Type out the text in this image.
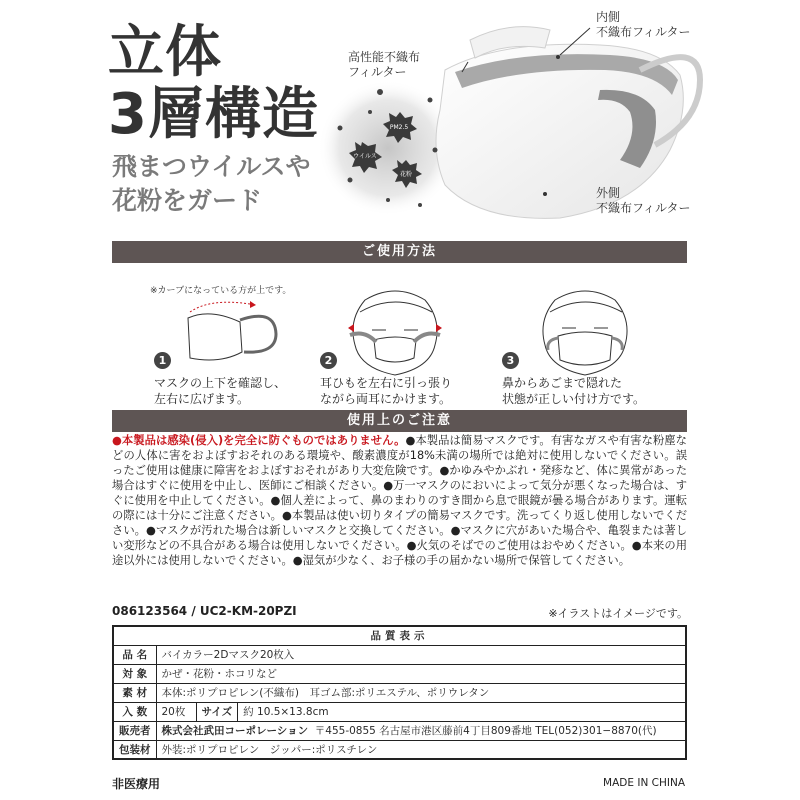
PM2.5
ウイルス
花粉
立体
3層構造
飛まつウイルスや
花粉をガード
高性能不織布
フィルター
内側
不織布フィルター
外側
不織布フィルター
ご使用方法
※カーブになっている方が上です。
1
マスクの上下を確認し、
左右に広げます。
2
耳ひもを左右に引っ張り
ながら両耳にかけます。
3
鼻からあごまで隠れた
状態が正しい付け方です。
使用上のご注意
●本製品は感染(侵入)を完全に防ぐものではありません。●本製品は簡易マスクです。有害なガスや有害な粉塵などの人体に害をおよぼすおそれのある環境や、酸素濃度が18%未満の場所では絶対に使用しないでください。誤ったご使用は健康に障害をおよぼすおそれがあり大変危険です。●かゆみやかぶれ・発疹など、体に異常があった場合はすぐに使用を中止し、医師にご相談ください。●万一マスクのにおいによって気分が悪くなった場合は、すぐに使用を中止してください。●個人差によって、鼻のまわりのすき間から息で眼鏡が曇る場合があります。運転の際には十分にご注意ください。●本製品は使い切りタイプの簡易マスクです。洗ってくり返し使用しないでください。●マスクが汚れた場合は新しいマスクと交換してください。●マスクに穴があいた場合や、亀裂または著しい変形などの不具合がある場合は使用しないでください。●火気のそばでのご使用はおやめください。●本来の用途以外には使用しないでください。●湿気が少なく、お子様の手の届かない場所で保管してください。
086123564 / UC2-KM-20PZI	※イラストはイメージです。
品質表示			
品 名	バイカラー2Dマスク20枚入		
対 象	かぜ・花粉・ホコリなど		
素 材	本体:ポリプロピレン(不織布)　耳ゴム部:ポリエステル、ポリウレタン		
入 数	20枚	サイズ	約 10.5×13.8cm
販売者	株式会社武田コーポレーション 〒455-0855 名古屋市港区藤前4丁目809番地 TEL(052)301−8870(代)		
包装材	外装:ポリプロピレン　ジッパー:ポリスチレン		
非医療用	MADE IN CHINA
